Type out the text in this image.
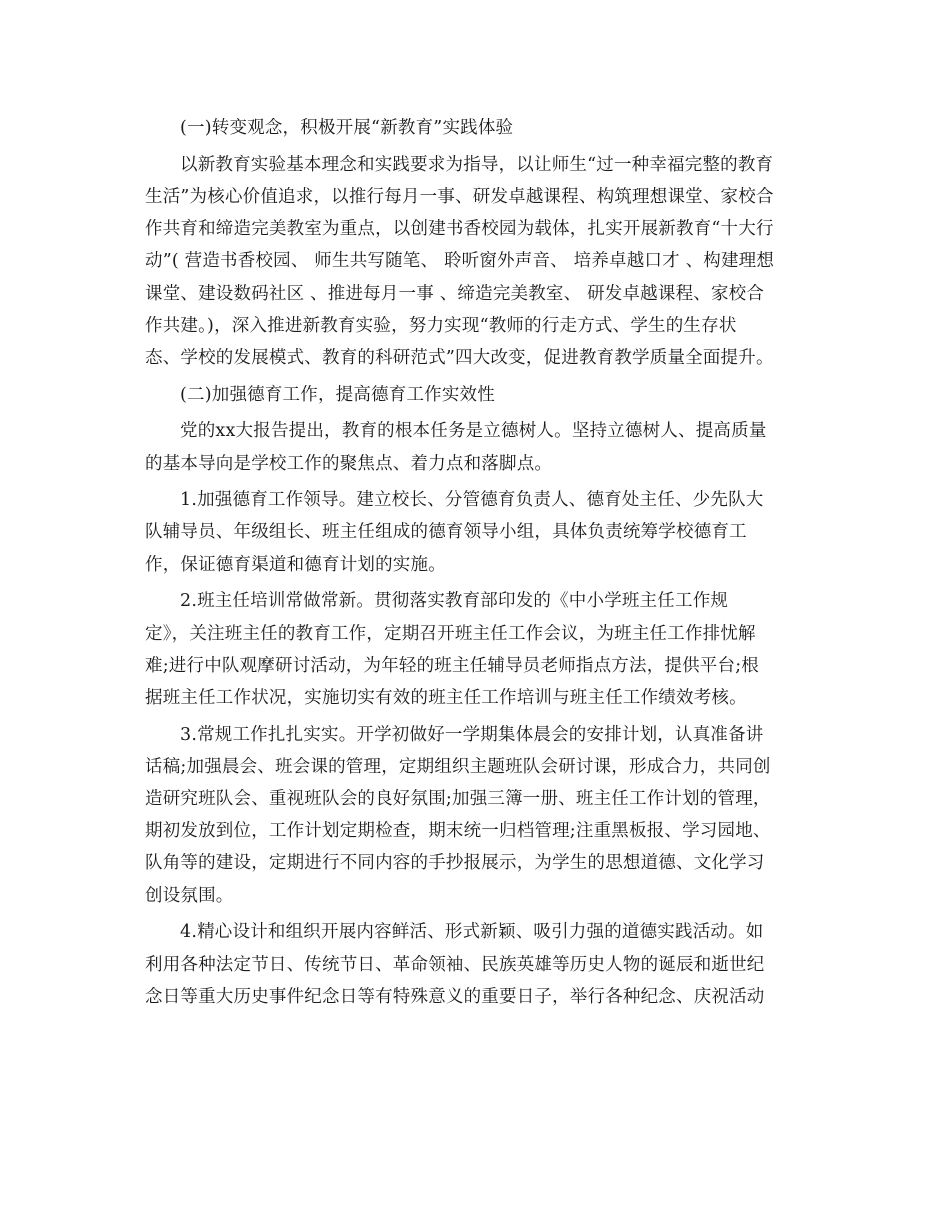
(一)转变观念，积极开展“新教育”实践体验

以新教育实验基本理念和实践要求为指导，以让师生“过一种幸福完整的教育
生活”为核心价值追求，以推行每月一事、研发卓越课程、构筑理想课堂、家校合
作共育和缔造完美教室为重点，以创建书香校园为载体，扎实开展新教育“十大行
动”( 营造书香校园、 师生共写随笔、 聆听窗外声音、 培养卓越口才 、构建理想
课堂、建设数码社区 、推进每月一事 、缔造完美教室、 研发卓越课程、家校合
作共建。)，深入推进新教育实验，努力实现“教师的行走方式、学生的生存状
态、学校的发展模式、教育的科研范式”四大改变，促进教育教学质量全面提升。

(二)加强德育工作，提高德育工作实效性

党的xx大报告提出，教育的根本任务是立德树人。坚持立德树人、提高质量
的基本导向是学校工作的聚焦点、着力点和落脚点。

1.加强德育工作领导。建立校长、分管德育负责人、德育处主任、少先队大
队辅导员、年级组长、班主任组成的德育领导小组，具体负责统筹学校德育工
作，保证德育渠道和德育计划的实施。

2.班主任培训常做常新。贯彻落实教育部印发的《中小学班主任工作规
定》，关注班主任的教育工作，定期召开班主任工作会议，为班主任工作排忧解
难;进行中队观摩研讨活动，为年轻的班主任辅导员老师指点方法，提供平台;根
据班主任工作状况，实施切实有效的班主任工作培训与班主任工作绩效考核。

3.常规工作扎扎实实。开学初做好一学期集体晨会的安排计划，认真准备讲
话稿;加强晨会、班会课的管理，定期组织主题班队会研讨课，形成合力，共同创
造研究班队会、重视班队会的良好氛围;加强三簿一册、班主任工作计划的管理，
期初发放到位，工作计划定期检查，期末统一归档管理;注重黑板报、学习园地、
队角等的建设，定期进行不同内容的手抄报展示，为学生的思想道德、文化学习
创设氛围。

4.精心设计和组织开展内容鲜活、形式新颖、吸引力强的道德实践活动。如
利用各种法定节日、传统节日、革命领袖、民族英雄等历史人物的诞辰和逝世纪
念日等重大历史事件纪念日等有特殊意义的重要日子，举行各种纪念、庆祝活动
